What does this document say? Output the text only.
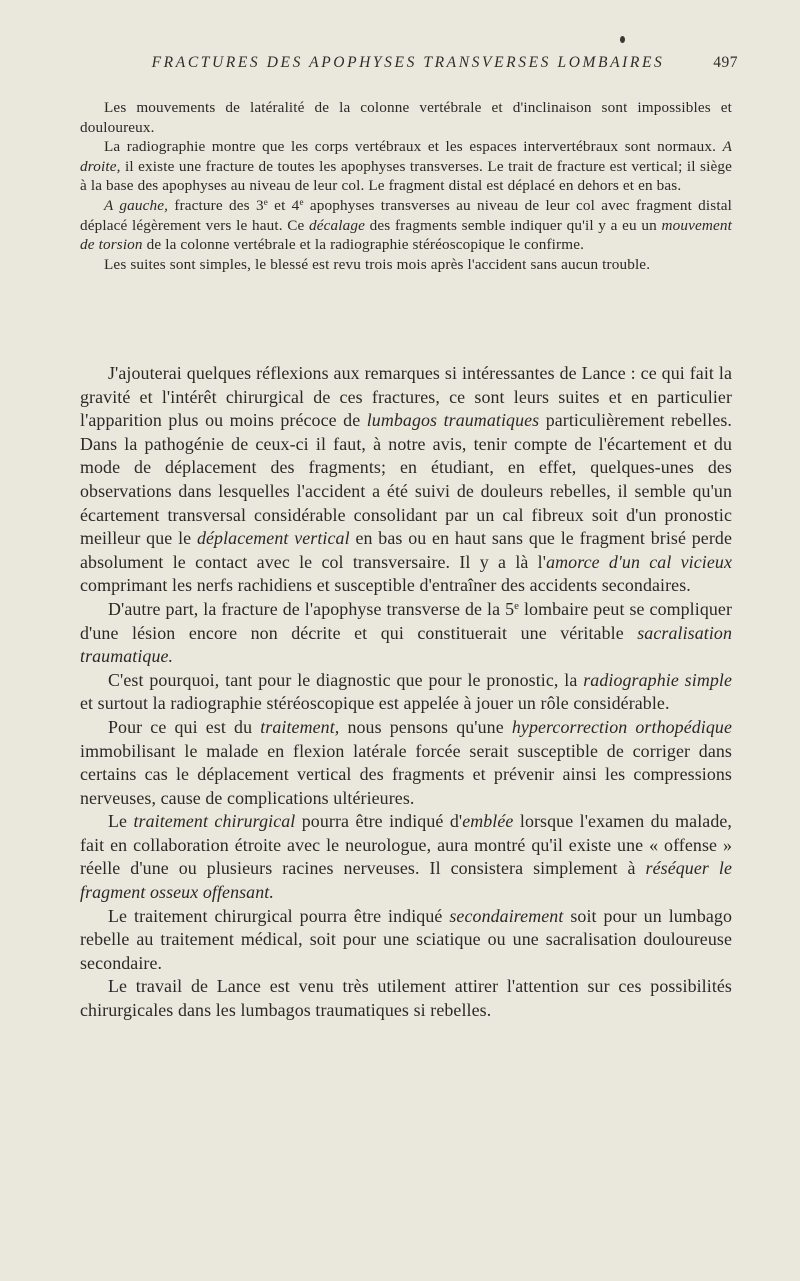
FRACTURES DES APOPHYSES TRANSVERSES LOMBAIRES	497

Les mouvements de latéralité de la colonne vertébrale et d'inclinaison sont impossibles et douloureux.

La radiographie montre que les corps vertébraux et les espaces intervertébraux sont normaux. A droite, il existe une fracture de toutes les apophyses transverses. Le trait de fracture est vertical; il siège à la base des apophyses au niveau de leur col. Le fragment distal est déplacé en dehors et en bas.

A gauche, fracture des 3e et 4e apophyses transverses au niveau de leur col avec fragment distal déplacé légèrement vers le haut. Ce décalage des fragments semble indiquer qu'il y a eu un mouvement de torsion de la colonne vertébrale et la radiographie stéréoscopique le confirme.

Les suites sont simples, le blessé est revu trois mois après l'accident sans aucun trouble.

J'ajouterai quelques réflexions aux remarques si intéressantes de Lance : ce qui fait la gravité et l'intérêt chirurgical de ces fractures, ce sont leurs suites et en particulier l'apparition plus ou moins précoce de lumbagos traumatiques particulièrement rebelles. Dans la pathogénie de ceux-ci il faut, à notre avis, tenir compte de l'écartement et du mode de déplacement des fragments; en étudiant, en effet, quelques-unes des observations dans lesquelles l'accident a été suivi de douleurs rebelles, il semble qu'un écartement transversal considérable consolidant par un cal fibreux soit d'un pronostic meilleur que le déplacement vertical en bas ou en haut sans que le fragment brisé perde absolument le contact avec le col transversaire. Il y a là l'amorce d'un cal vicieux comprimant les nerfs rachidiens et susceptible d'entraîner des accidents secondaires.

D'autre part, la fracture de l'apophyse transverse de la 5e lombaire peut se compliquer d'une lésion encore non décrite et qui constituerait une véritable sacralisation traumatique.

C'est pourquoi, tant pour le diagnostic que pour le pronostic, la radiographie simple et surtout la radiographie stéréoscopique est appelée à jouer un rôle considérable.

Pour ce qui est du traitement, nous pensons qu'une hypercorrection orthopédique immobilisant le malade en flexion latérale forcée serait susceptible de corriger dans certains cas le déplacement vertical des fragments et prévenir ainsi les compressions nerveuses, cause de complications ultérieures.

Le traitement chirurgical pourra être indiqué d'emblée lorsque l'examen du malade, fait en collaboration étroite avec le neurologue, aura montré qu'il existe une « offense » réelle d'une ou plusieurs racines nerveuses. Il consistera simplement à réséquer le fragment osseux offensant.

Le traitement chirurgical pourra être indiqué secondairement soit pour un lumbago rebelle au traitement médical, soit pour une sciatique ou une sacralisation douloureuse secondaire.

Le travail de Lance est venu très utilement attirer l'attention sur ces possibilités chirurgicales dans les lumbagos traumatiques si rebelles.
